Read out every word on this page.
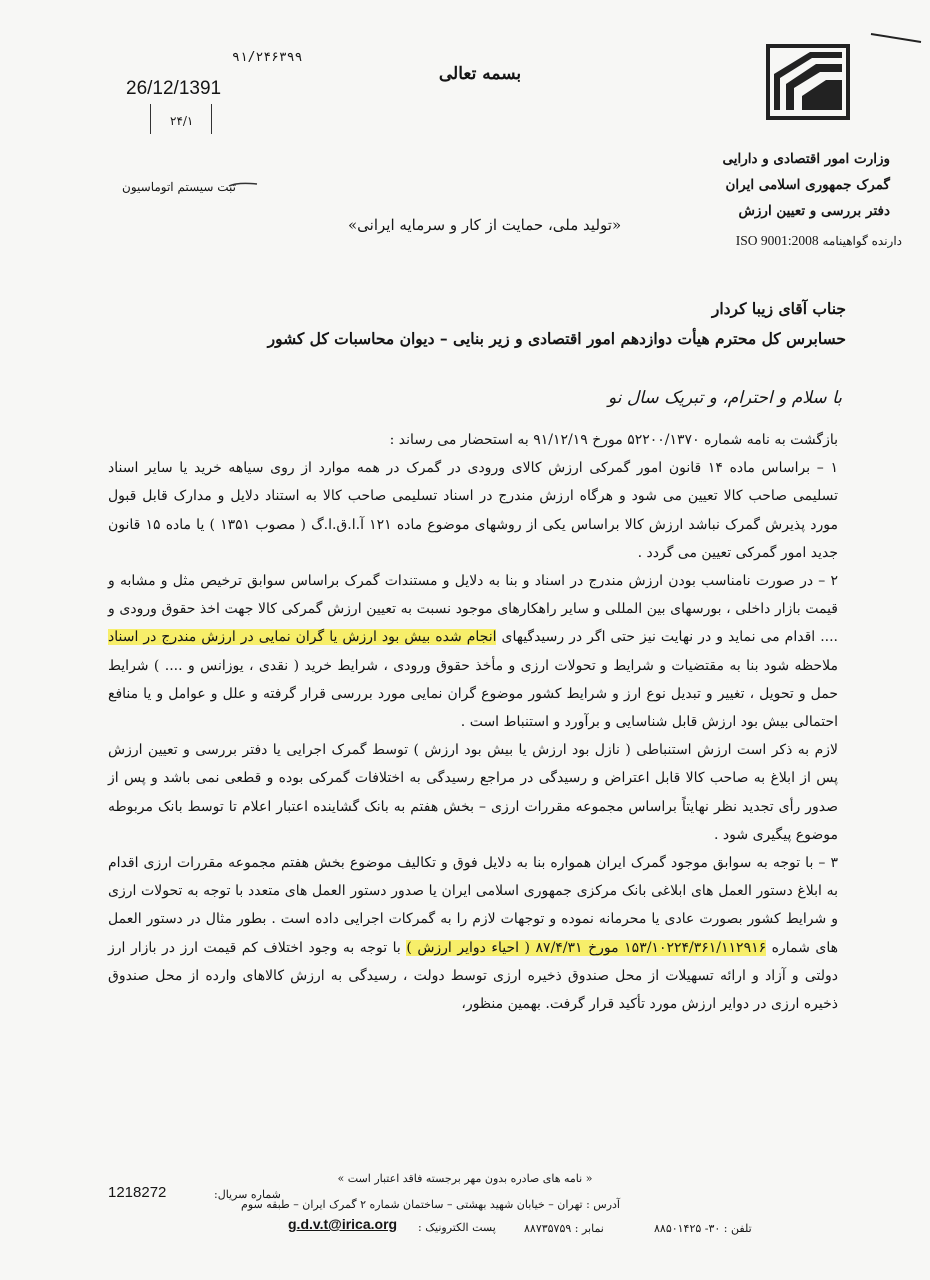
بسمه تعالی
۹۱/۲۴۶۳۹۹
26/12/1391
۲۴/۱
ثبت سیستم اتوماسیون
وزارت امور اقتصادی و دارایی
گمرک جمهوری اسلامی ایران
دفتر بررسی و تعیین ارزش
دارنده گواهینامه ISO 9001:2008
«تولید ملی، حمایت از کار و سرمایه ایرانی»
جناب آقای زیبا کردار
حسابرس کل محترم هیأت دوازدهم امور اقتصادی و زیر بنایی – دیوان محاسبات کل کشور
با سلام و احترام، و تبریک سال نو

بازگشت به نامه شماره ۵۲۲۰۰/۱۳۷۰ مورخ ۹۱/۱۲/۱۹ به استحضار می رساند :

۱ – براساس ماده ۱۴ قانون امور گمرکی ارزش کالای ورودی در گمرک در همه موارد از روی سیاهه خرید یا سایر اسناد تسلیمی صاحب کالا تعیین می شود و هرگاه ارزش مندرج در اسناد تسلیمی صاحب کالا به استناد دلایل و مدارک قابل قبول مورد پذیرش گمرک نباشد ارزش کالا براساس یکی از روشهای موضوع ماده ۱۲۱ آ.ا.ق.ا.گ ( مصوب ۱۳۵۱ ) یا ماده ۱۵ قانون جدید امور گمرکی تعیین می گردد .

۲ – در صورت نامناسب بودن ارزش مندرج در اسناد و بنا به دلایل و مستندات گمرک براساس سوابق ترخیص مثل و مشابه و قیمت بازار داخلی ، بورسهای بین المللی و سایر راهکارهای موجود نسبت به تعیین ارزش گمرکی کالا جهت اخذ حقوق ورودی و .... اقدام می نماید و در نهایت نیز حتی اگر در رسیدگیهای انجام شده بیش بود ارزش یا گران نمایی در ارزش مندرج در اسناد ملاحظه شود بنا به مقتضیات و شرایط و تحولات ارزی و مأخذ حقوق ورودی ، شرایط خرید ( نقدی ، یوزانس و .... ) شرایط حمل و تحویل ، تغییر و تبدیل نوع ارز و شرایط کشور موضوع گران نمایی مورد بررسی قرار گرفته و علل و عوامل و یا منافع احتمالی بیش بود ارزش قابل شناسایی و برآورد و استنباط است .

لازم به ذکر است ارزش استنباطی ( نازل بود ارزش یا بیش بود ارزش ) توسط گمرک اجرایی یا دفتر بررسی و تعیین ارزش پس از ابلاغ به صاحب کالا قابل اعتراض و رسیدگی در مراجع رسیدگی به اختلافات گمرکی بوده و قطعی نمی باشد و پس از صدور رأی تجدید نظر نهایتاً براساس مجموعه مقررات ارزی – بخش هفتم به بانک گشاینده اعتبار اعلام تا توسط بانک مربوطه موضوع پیگیری شود .

۳ – با توجه به سوابق موجود گمرک ایران همواره بنا به دلایل فوق و تکالیف موضوع بخش هفتم مجموعه مقررات ارزی اقدام به ابلاغ دستور العمل های ابلاغی بانک مرکزی جمهوری اسلامی ایران یا صدور دستور العمل های متعدد با توجه به تحولات ارزی و شرایط کشور بصورت عادی یا محرمانه نموده و توجهات لازم را به گمرکات اجرایی داده است . بطور مثال در دستور العمل های شماره ۱۵۳/۱۰۲۲۴/۳۶۱/۱۱۲۹۱۶ مورخ ۸۷/۴/۳۱ ( احیاء دوایر ارزش ) با توجه به وجود اختلاف کم قیمت ارز در بازار ارز دولتی و آزاد و ارائه تسهیلات از محل صندوق ذخیره ارزی توسط دولت ، رسیدگی به ارزش کالاهای وارده از محل صندوق ذخیره ارزی در دوایر ارزش مورد تأکید قرار گرفت. بهمین منظور،

« نامه های صادره بدون مهر برجسته فاقد اعتبار است »
1218272	شماره سریال:
آدرس : تهران – خیابان شهید بهشتی – ساختمان شماره ۲ گمرک ایران – طبقه سوم
g.d.v.t@irica.org پست الکترونیک :	نمابر : ۸۸۷۳۵۷۵۹	تلفن : ۳۰- ۸۸۵۰۱۴۲۵
